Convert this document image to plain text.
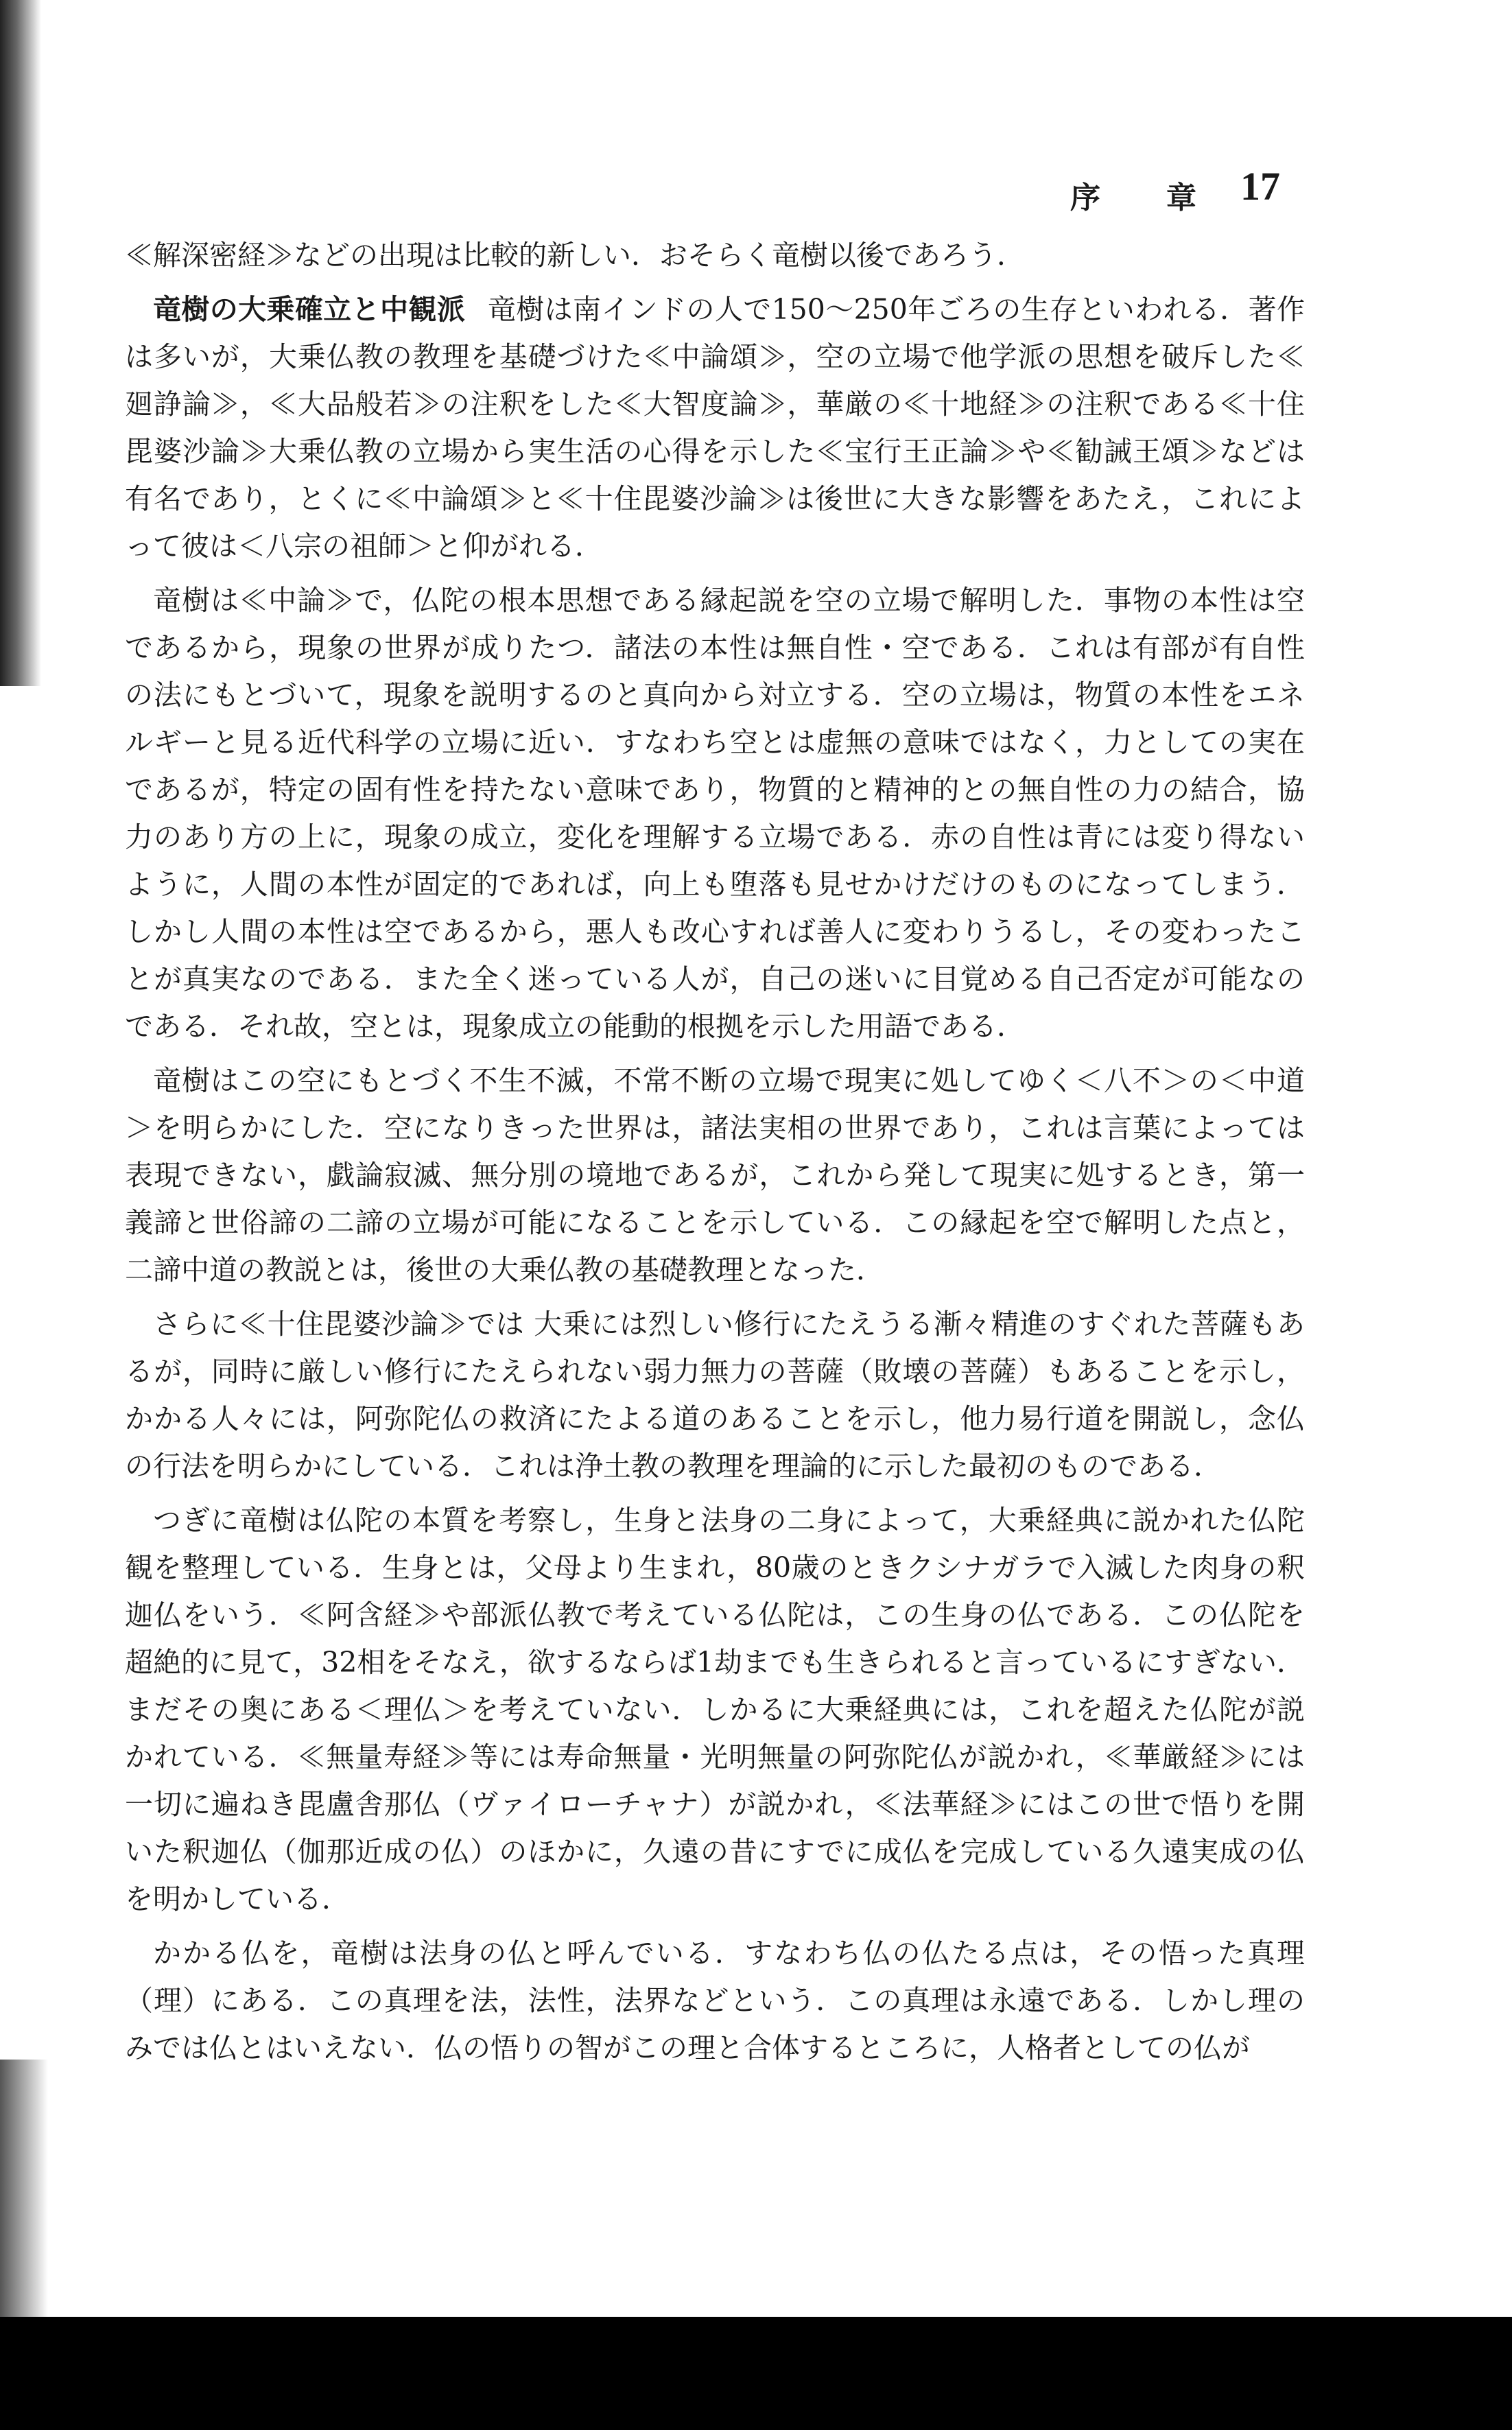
序 章 17

≪解深密経≫などの出現は比較的新しい．おそらく竜樹以後であろう．

竜樹の大乗確立と中観派 竜樹は南インドの人で150～250年ごろの生存といわれる．著作は多いが，大乗仏教の教理を基礎づけた≪中論頌≫，空の立場で他学派の思想を破斥した≪廻諍論≫，≪大品般若≫の注釈をした≪大智度論≫，華厳の≪十地経≫の注釈である≪十住毘婆沙論≫大乗仏教の立場から実生活の心得を示した≪宝行王正論≫や≪勧誡王頌≫などは有名であり，とくに≪中論頌≫と≪十住毘婆沙論≫は後世に大きな影響をあたえ，これによって彼は＜八宗の祖師＞と仰がれる．

竜樹は≪中論≫で，仏陀の根本思想である縁起説を空の立場で解明した．事物の本性は空であるから，現象の世界が成りたつ．諸法の本性は無自性・空である．これは有部が有自性の法にもとづいて，現象を説明するのと真向から対立する．空の立場は，物質の本性をエネルギーと見る近代科学の立場に近い．すなわち空とは虚無の意味ではなく，力としての実在であるが，特定の固有性を持たない意味であり，物質的と精神的との無自性の力の結合，協力のあり方の上に，現象の成立，変化を理解する立場である．赤の自性は青には変り得ないように，人間の本性が固定的であれば，向上も堕落も見せかけだけのものになってしまう．しかし人間の本性は空であるから，悪人も改心すれば善人に変わりうるし，その変わったことが真実なのである．また全く迷っている人が，自己の迷いに目覚める自己否定が可能なのである．それ故，空とは，現象成立の能動的根拠を示した用語である．

竜樹はこの空にもとづく不生不滅，不常不断の立場で現実に処してゆく＜八不＞の＜中道＞を明らかにした．空になりきった世界は，諸法実相の世界であり，これは言葉によっては表現できない，戯論寂滅、無分別の境地であるが，これから発して現実に処するとき，第一義諦と世俗諦の二諦の立場が可能になることを示している．この縁起を空で解明した点と，二諦中道の教説とは，後世の大乗仏教の基礎教理となった．

さらに≪十住毘婆沙論≫では 大乗には烈しい修行にたえうる漸々精進のすぐれた菩薩もあるが，同時に厳しい修行にたえられない弱力無力の菩薩（敗壊の菩薩）もあることを示し，かかる人々には，阿弥陀仏の救済にたよる道のあることを示し，他力易行道を開説し，念仏の行法を明らかにしている．これは浄土教の教理を理論的に示した最初のものである．

つぎに竜樹は仏陀の本質を考察し，生身と法身の二身によって，大乗経典に説かれた仏陀観を整理している．生身とは，父母より生まれ，80歳のときクシナガラで入滅した肉身の釈迦仏をいう．≪阿含経≫や部派仏教で考えている仏陀は，この生身の仏である．この仏陀を超絶的に見て，32相をそなえ，欲するならば1劫までも生きられると言っているにすぎない．まだその奥にある＜理仏＞を考えていない．しかるに大乗経典には，これを超えた仏陀が説かれている．≪無量寿経≫等には寿命無量・光明無量の阿弥陀仏が説かれ，≪華厳経≫には一切に遍ねき毘盧舎那仏（ヴァイローチャナ）が説かれ，≪法華経≫にはこの世で悟りを開いた釈迦仏（伽那近成の仏）のほかに，久遠の昔にすでに成仏を完成している久遠実成の仏を明かしている．

かかる仏を，竜樹は法身の仏と呼んでいる．すなわち仏の仏たる点は，その悟った真理（理）にある．この真理を法，法性，法界などという．この真理は永遠である．しかし理のみでは仏とはいえない．仏の悟りの智がこの理と合体するところに，人格者としての仏が
